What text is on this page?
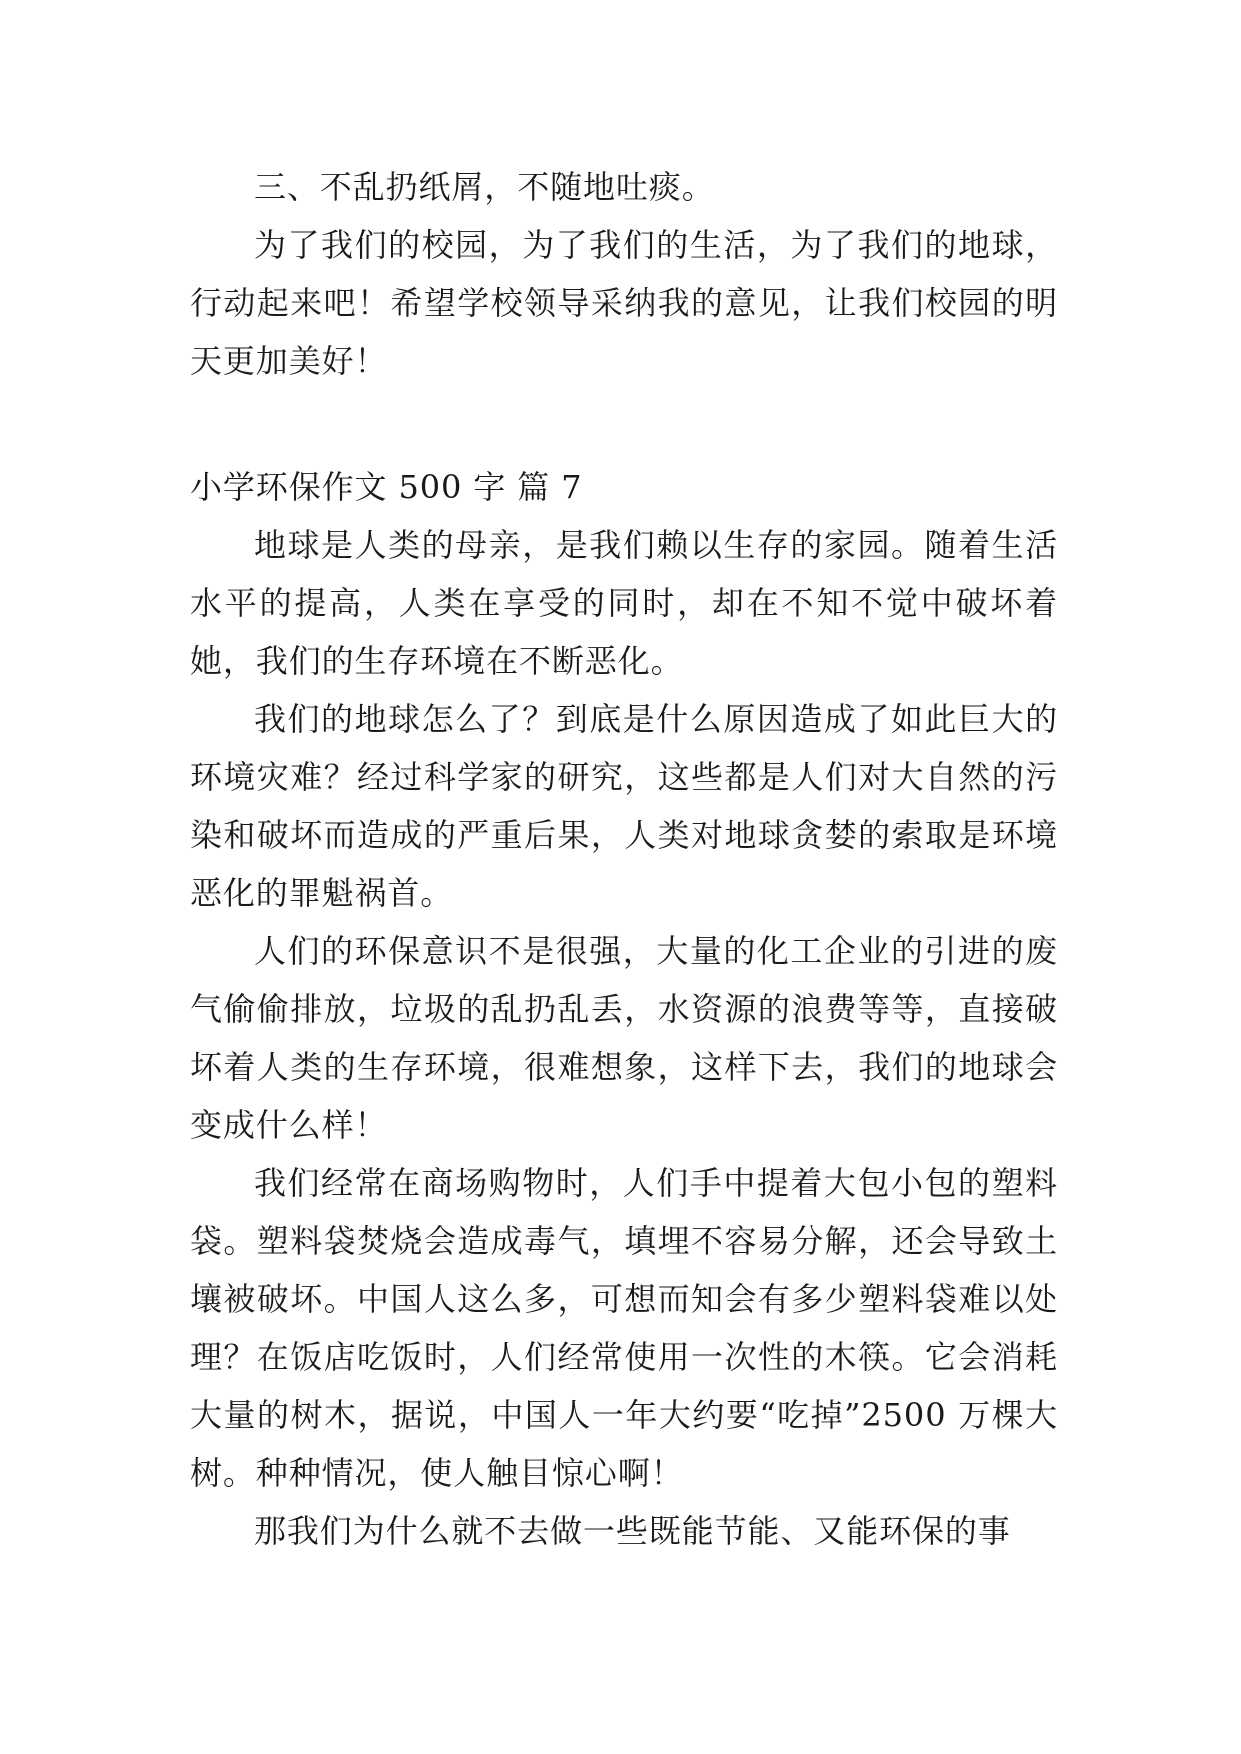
三、不乱扔纸屑，不随地吐痰。

为了我们的校园，为了我们的生活，为了我们的地球，行动起来吧！希望学校领导采纳我的意见，让我们校园的明天更加美好！

小学环保作文 500 字 篇 7

地球是人类的母亲，是我们赖以生存的家园。随着生活水平的提高，人类在享受的同时，却在不知不觉中破坏着她，我们的生存环境在不断恶化。

我们的地球怎么了？到底是什么原因造成了如此巨大的环境灾难？经过科学家的研究，这些都是人们对大自然的污染和破坏而造成的严重后果，人类对地球贪婪的索取是环境恶化的罪魁祸首。

人们的环保意识不是很强，大量的化工企业的引进的废气偷偷排放，垃圾的乱扔乱丢，水资源的浪费等等，直接破坏着人类的生存环境，很难想象，这样下去，我们的地球会变成什么样！

我们经常在商场购物时，人们手中提着大包小包的塑料袋。塑料袋焚烧会造成毒气，填埋不容易分解，还会导致土壤被破坏。中国人这么多，可想而知会有多少塑料袋难以处理？在饭店吃饭时，人们经常使用一次性的木筷。它会消耗大量的树木，据说，中国人一年大约要“吃掉”2500 万棵大树。种种情况，使人触目惊心啊！

那我们为什么就不去做一些既能节能、又能环保的事
